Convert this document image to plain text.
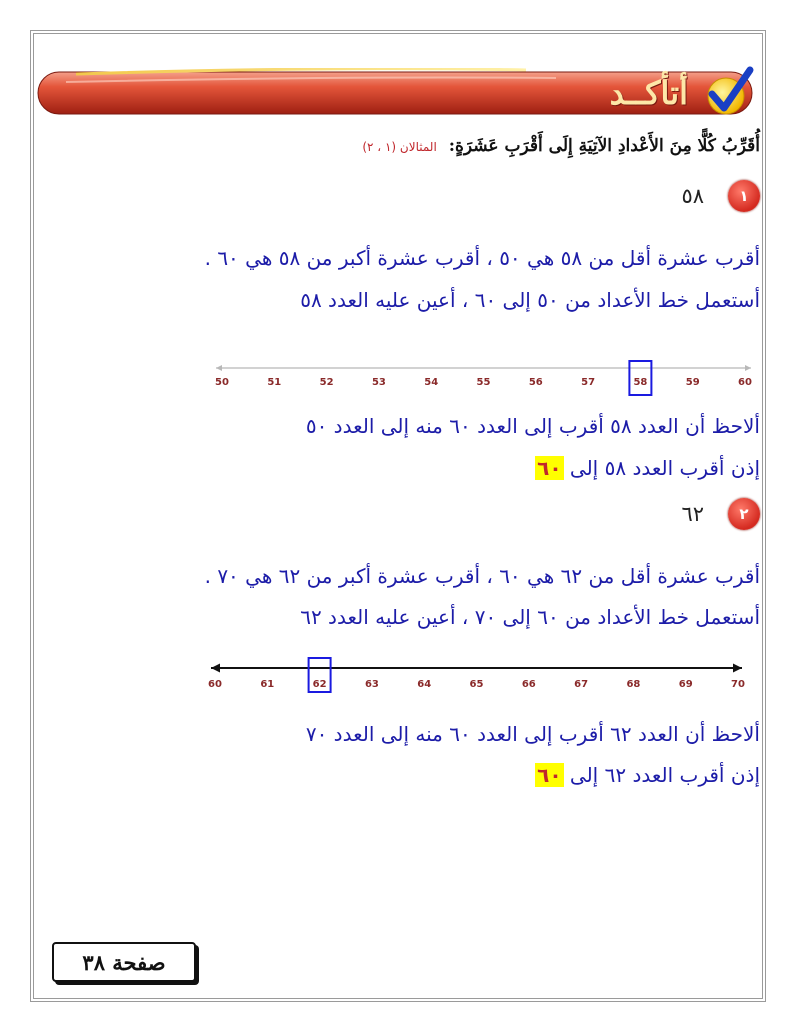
أتأكــد
أُقَرِّبُ كُلًّا مِنَ الأَعْدادِ الآتِيَةِ إِلَى أَقْرَبِ عَشَرَةٍ: المثالان (١ ، ٢)
١
٥٨
أقرب عشرة أقل من ٥٨ هي ٥٠ ، أقرب عشرة أكبر من ٥٨ هي ٦٠ .
أستعمل خط الأعداد من ٥٠ إلى ٦٠ ، أعين عليه العدد ٥٨
50	51	52	53	54	55	56	57	58	59	60
ألاحظ أن العدد ٥٨ أقرب إلى العدد ٦٠ منه إلى العدد ٥٠
إذن أقرب العدد ٥٨ إلى ٦٠
٢
٦٢
أقرب عشرة أقل من ٦٢ هي ٦٠ ، أقرب عشرة أكبر من ٦٢ هي ٧٠ .
أستعمل خط الأعداد من ٦٠ إلى ٧٠ ، أعين عليه العدد ٦٢
60	61	62	63	64	65	66	67	68	69	70
ألاحظ أن العدد ٦٢ أقرب إلى العدد ٦٠ منه إلى العدد ٧٠
إذن أقرب العدد ٦٢ إلى ٦٠
صفحة ٣٨
